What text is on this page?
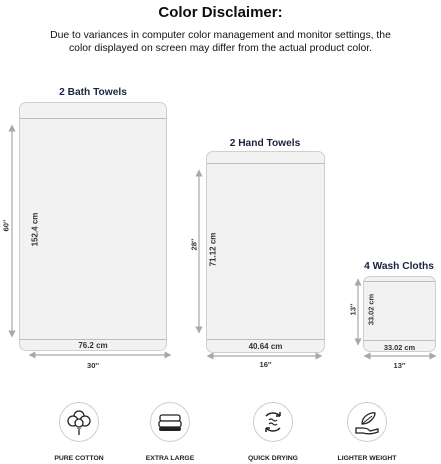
Color Disclaimer:
Due to variances in computer color management and monitor settings, the
color displayed on screen may differ from the actual product color.
2 Bath Towels
152.4 cm
76.2 cm
60''
30''
2 Hand Towels
71.12 cm
40.64 cm
28''
16''
4 Wash Cloths
33.02 cm
33.02 cm
13''
13''
PURE COTTON	EXTRA LARGE	QUICK DRYING	LIGHTER WEIGHT
